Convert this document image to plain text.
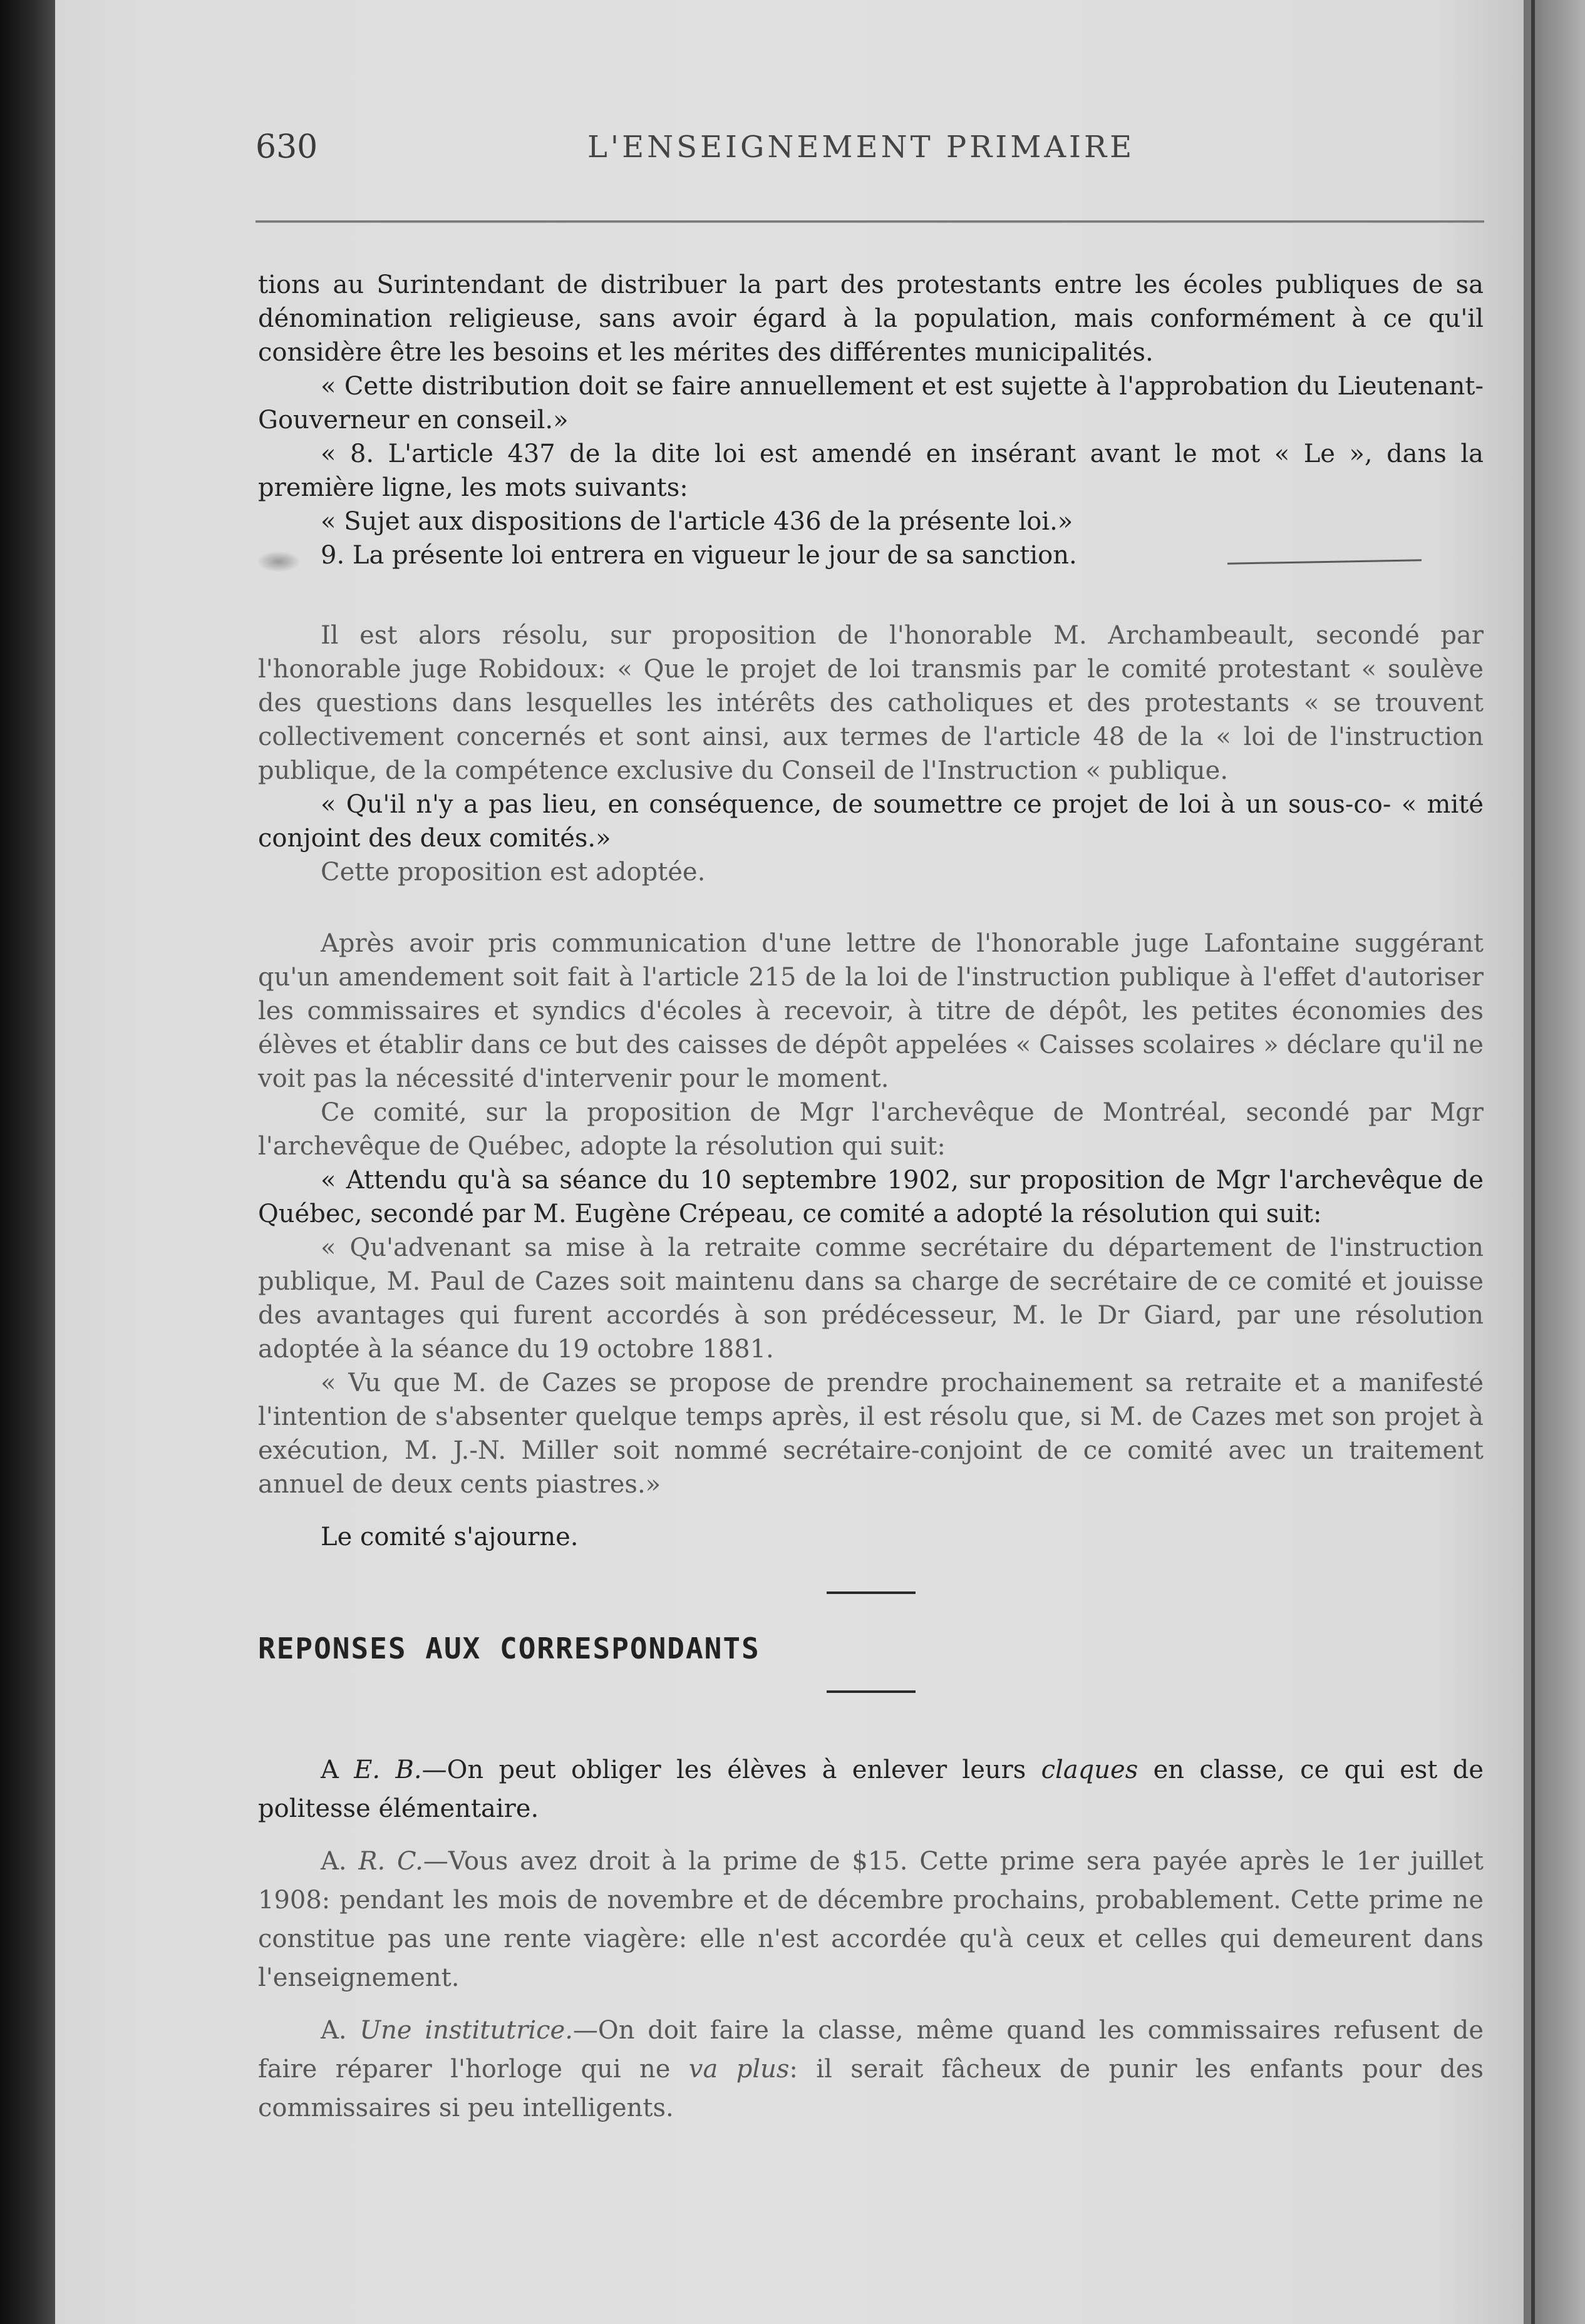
630	L'ENSEIGNEMENT PRIMAIRE

tions au Surintendant de distribuer la part des protestants entre les écoles publiques de sa dénomination religieuse, sans avoir égard à la population, mais conformément à ce qu'il considère être les besoins et les mérites des différentes municipalités.

« Cette distribution doit se faire annuellement et est sujette à l'approbation du Lieutenant-Gouverneur en conseil.»

« 8. L'article 437 de la dite loi est amendé en insérant avant le mot « Le », dans la première ligne, les mots suivants:

« Sujet aux dispositions de l'article 436 de la présente loi.»

9. La présente loi entrera en vigueur le jour de sa sanction.

Il est alors résolu, sur proposition de l'honorable M. Archambeault, secondé par l'honorable juge Robidoux: « Que le projet de loi transmis par le comité protestant « soulève des questions dans lesquelles les intérêts des catholiques et des protestants « se trouvent collectivement concernés et sont ainsi, aux termes de l'article 48 de la « loi de l'instruction publique, de la compétence exclusive du Conseil de l'Instruction « publique.

« Qu'il n'y a pas lieu, en conséquence, de soumettre ce projet de loi à un sous-co- « mité conjoint des deux comités.»

Cette proposition est adoptée.

Après avoir pris communication d'une lettre de l'honorable juge Lafontaine suggérant qu'un amendement soit fait à l'article 215 de la loi de l'instruction publique à l'effet d'autoriser les commissaires et syndics d'écoles à recevoir, à titre de dépôt, les petites économies des élèves et établir dans ce but des caisses de dépôt appelées « Caisses scolaires » déclare qu'il ne voit pas la nécessité d'intervenir pour le moment.

Ce comité, sur la proposition de Mgr l'archevêque de Montréal, secondé par Mgr l'archevêque de Québec, adopte la résolution qui suit:

« Attendu qu'à sa séance du 10 septembre 1902, sur proposition de Mgr l'archevêque de Québec, secondé par M. Eugène Crépeau, ce comité a adopté la résolution qui suit:

« Qu'advenant sa mise à la retraite comme secrétaire du département de l'instruction publique, M. Paul de Cazes soit maintenu dans sa charge de secrétaire de ce comité et jouisse des avantages qui furent accordés à son prédécesseur, M. le Dr Giard, par une résolution adoptée à la séance du 19 octobre 1881.

« Vu que M. de Cazes se propose de prendre prochainement sa retraite et a manifesté l'intention de s'absenter quelque temps après, il est résolu que, si M. de Cazes met son projet à exécution, M. J.-N. Miller soit nommé secrétaire-conjoint de ce comité avec un traitement annuel de deux cents piastres.»

Le comité s'ajourne.

REPONSES AUX CORRESPONDANTS

A E. B.—On peut obliger les élèves à enlever leurs claques en classe, ce qui est de politesse élémentaire.

A. R. C.—Vous avez droit à la prime de $15. Cette prime sera payée après le 1er juillet 1908: pendant les mois de novembre et de décembre prochains, probablement. Cette prime ne constitue pas une rente viagère: elle n'est accordée qu'à ceux et celles qui demeurent dans l'enseignement.

A. Une institutrice.—On doit faire la classe, même quand les commissaires refusent de faire réparer l'horloge qui ne va plus: il serait fâcheux de punir les enfants pour des commissaires si peu intelligents.
